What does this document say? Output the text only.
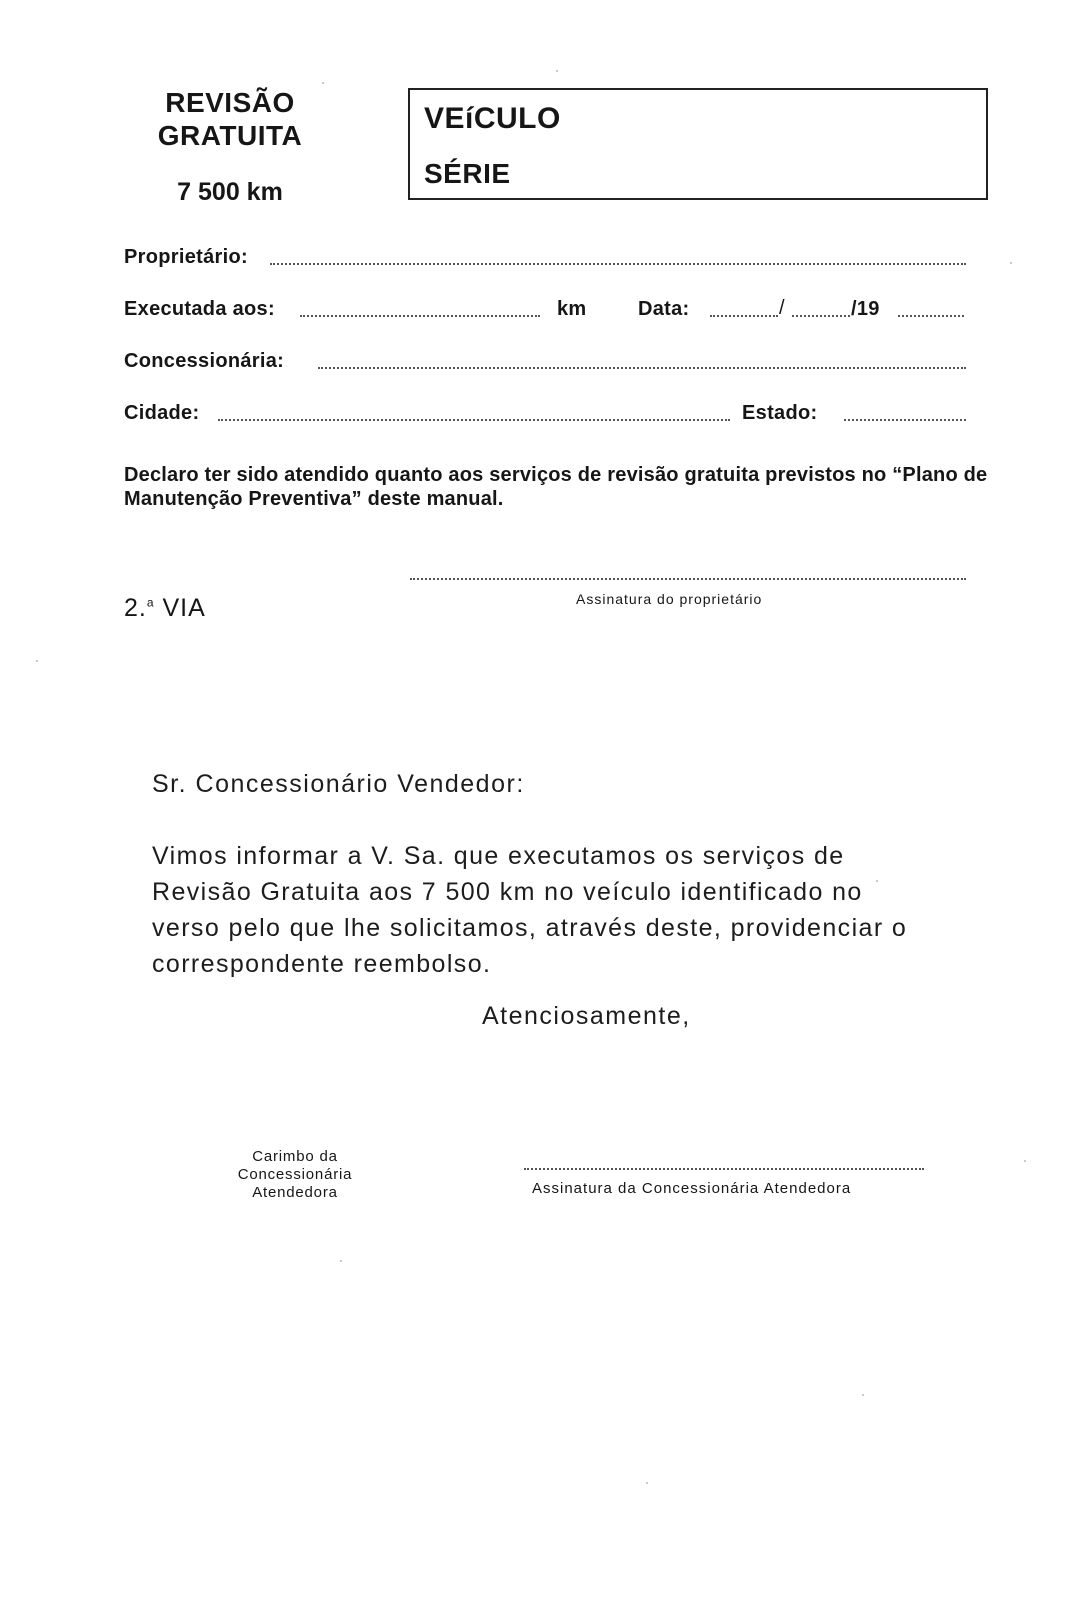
REVISÃO
GRATUITA
7 500 km
VEíCULO
SÉRIE
Proprietário:
Executada aos:	km	Data:	/	/19
Concessionária:
Cidade:	Estado:
Declaro ter sido atendido quanto aos serviços de revisão gratuita previstos no “Plano de Manutenção Preventiva” deste manual.
2.$^a$ VIA	Assinatura do proprietário
Sr. Concessionário Vendedor:
Vimos informar a V. Sa. que executamos os serviços de Revisão Gratuita aos 7 500 km no veículo identificado no verso pelo que lhe solicitamos, através deste, providenciar o correspondente reembolso.
Atenciosamente,
Carimbo da Concessionária Atendedora	Assinatura da Concessionária Atendedora
